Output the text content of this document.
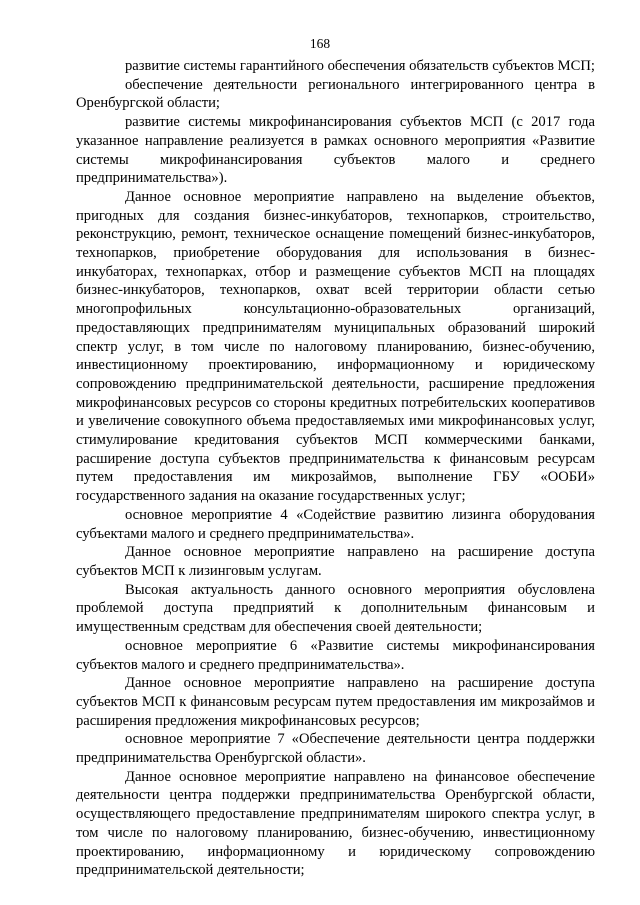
168

развитие системы гарантийного обеспечения обязательств субъектов МСП;

обеспечение деятельности регионального интегрированного центра в Оренбургской области;

развитие системы микрофинансирования субъектов МСП (с 2017 года указанное направление реализуется в рамках основного мероприятия «Развитие системы микрофинансирования субъектов малого и среднего предпринимательства»).

Данное основное мероприятие направлено на выделение объектов, пригодных для создания бизнес-инкубаторов, технопарков, строительство, реконструкцию, ремонт, техническое оснащение помещений бизнес-инкубаторов, технопарков, приобретение оборудования для использования в бизнес-инкубаторах, технопарках, отбор и размещение субъектов МСП на площадях бизнес-инкубаторов, технопарков, охват всей территории области сетью многопрофильных консультационно-образовательных организаций, предоставляющих предпринимателям муниципальных образований широкий спектр услуг, в том числе по налоговому планированию, бизнес-обучению, инвестиционному проектированию, информационному и юридическому сопровождению предпринимательской деятельности, расширение предложения микрофинансовых ресурсов со стороны кредитных потребительских кооперативов и увеличение совокупного объема предоставляемых ими микрофинансовых услуг, стимулирование кредитования субъектов МСП коммерческими банками, расширение доступа субъектов предпринимательства к финансовым ресурсам путем предоставления им микрозаймов, выполнение ГБУ «ООБИ» государственного задания на оказание государственных услуг;

основное мероприятие 4 «Содействие развитию лизинга оборудования субъектами малого и среднего предпринимательства».

Данное основное мероприятие направлено на расширение доступа субъектов МСП к лизинговым услугам.

Высокая актуальность данного основного мероприятия обусловлена проблемой доступа предприятий к дополнительным финансовым и имущественным средствам для обеспечения своей деятельности;

основное мероприятие 6 «Развитие системы микрофинансирования субъектов малого и среднего предпринимательства».

Данное основное мероприятие направлено на расширение доступа субъектов МСП к финансовым ресурсам путем предоставления им микрозаймов и расширения предложения микрофинансовых ресурсов;

основное мероприятие 7 «Обеспечение деятельности центра поддержки предпринимательства Оренбургской области».

Данное основное мероприятие направлено на финансовое обеспечение деятельности центра поддержки предпринимательства Оренбургской области, осуществляющего предоставление предпринимателям широкого спектра услуг, в том числе по налоговому планированию, бизнес-обучению, инвестиционному проектированию, информационному и юридическому сопровождению предпринимательской деятельности;
